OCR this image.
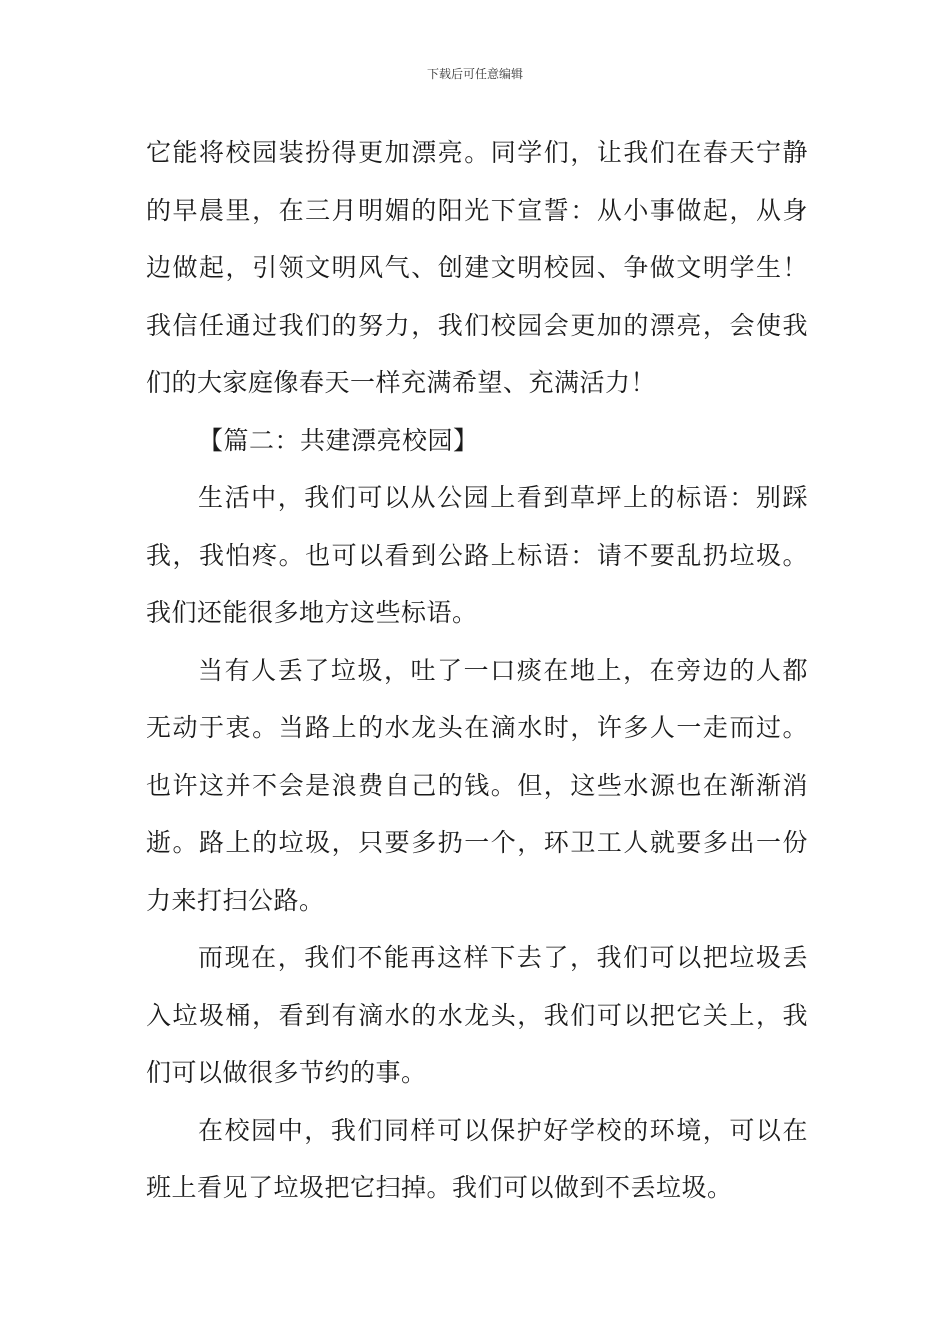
下载后可任意编辑

它能将校园装扮得更加漂亮。同学们，让我们在春天宁静的早晨里，在三月明媚的阳光下宣誓：从小事做起，从身边做起，引领文明风气、创建文明校园、争做文明学生！我信任通过我们的努力，我们校园会更加的漂亮，会使我们的大家庭像春天一样充满希望、充满活力！

【篇二：共建漂亮校园】

生活中，我们可以从公园上看到草坪上的标语：别踩我，我怕疼。也可以看到公路上标语：请不要乱扔垃圾。我们还能很多地方这些标语。

当有人丢了垃圾，吐了一口痰在地上，在旁边的人都无动于衷。当路上的水龙头在滴水时，许多人一走而过。也许这并不会是浪费自己的钱。但，这些水源也在渐渐消逝。路上的垃圾，只要多扔一个，环卫工人就要多出一份力来打扫公路。

而现在，我们不能再这样下去了，我们可以把垃圾丢入垃圾桶，看到有滴水的水龙头，我们可以把它关上，我们可以做很多节约的事。

在校园中，我们同样可以保护好学校的环境，可以在班上看见了垃圾把它扫掉。我们可以做到不丢垃圾。
